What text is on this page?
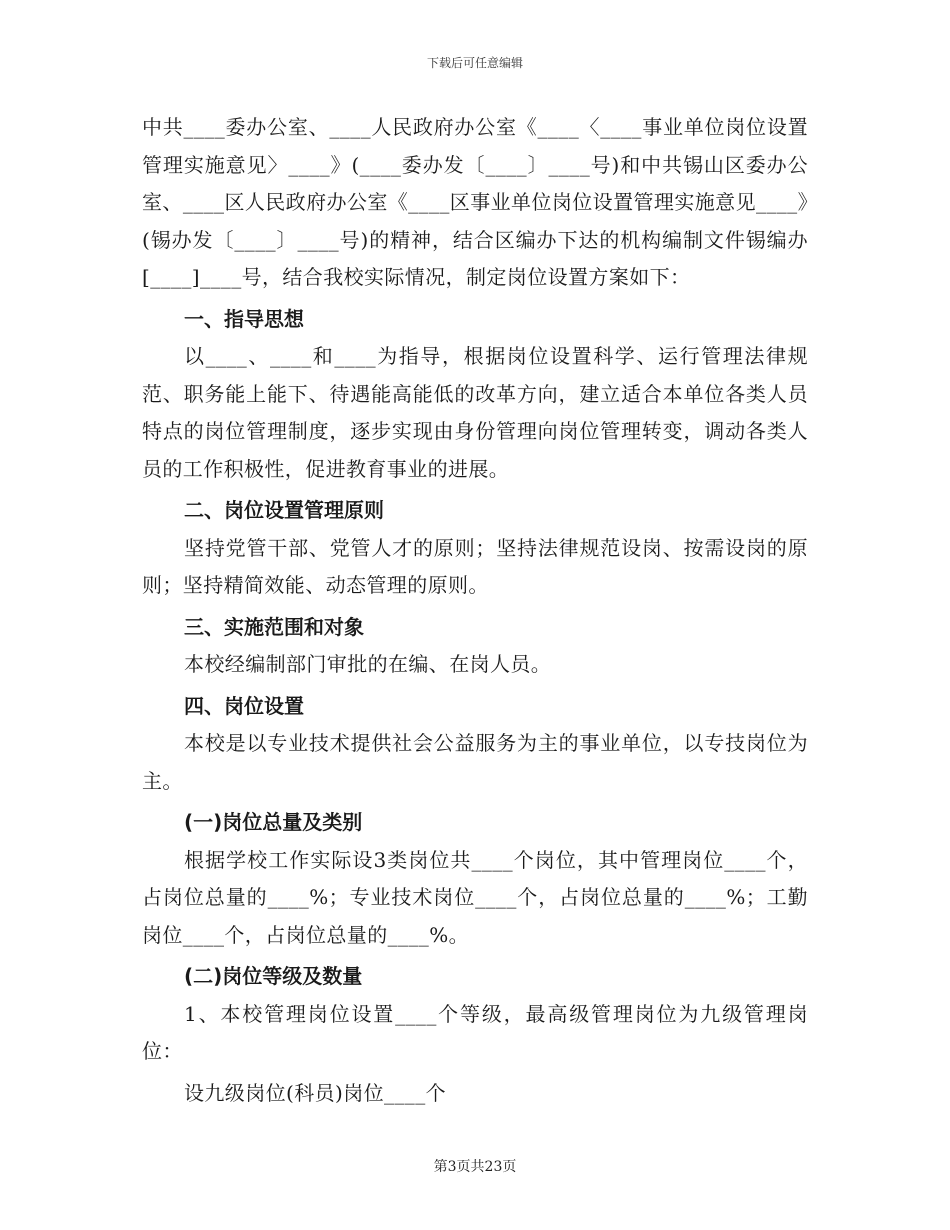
下载后可任意编辑

中共____委办公室、____人民政府办公室《____〈____事业单位岗位设置管理实施意见〉____》(____委办发〔____〕____号)和中共锡山区委办公室、____区人民政府办公室《____区事业单位岗位设置管理实施意见____》(锡办发〔____〕____号)的精神，结合区编办下达的机构编制文件锡编办[____]____号，结合我校实际情况，制定岗位设置方案如下：

一、指导思想

以____、____和____为指导，根据岗位设置科学、运行管理法律规范、职务能上能下、待遇能高能低的改革方向，建立适合本单位各类人员特点的岗位管理制度，逐步实现由身份管理向岗位管理转变，调动各类人员的工作积极性，促进教育事业的进展。

二、岗位设置管理原则

坚持党管干部、党管人才的原则；坚持法律规范设岗、按需设岗的原则；坚持精简效能、动态管理的原则。

三、实施范围和对象

本校经编制部门审批的在编、在岗人员。

四、岗位设置

本校是以专业技术提供社会公益服务为主的事业单位，以专技岗位为主。

(一)岗位总量及类别

根据学校工作实际设3类岗位共____个岗位，其中管理岗位____个，占岗位总量的____%；专业技术岗位____个，占岗位总量的____%；工勤岗位____个，占岗位总量的____%。

(二)岗位等级及数量

1、本校管理岗位设置____个等级，最高级管理岗位为九级管理岗位：

设九级岗位(科员)岗位____个

第3页共23页
